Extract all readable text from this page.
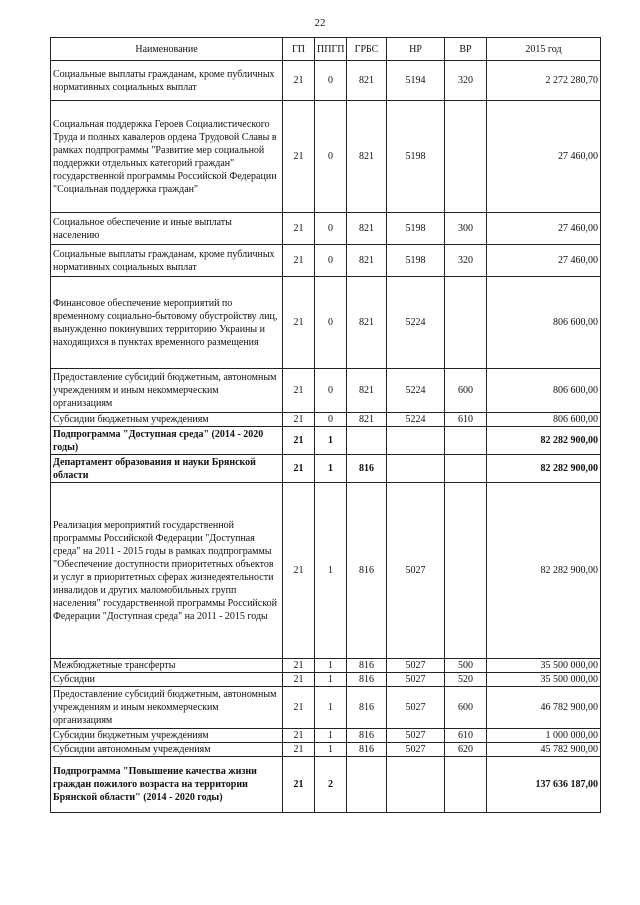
22
Наименование	ГП	ППГП	ГРБС	НР	ВР	2015 год
Социальные выплаты гражданам, кроме публичных нормативных социальных выплат	21	0	821	5194	320	2 272 280,70
Социальная поддержка Героев Социалистического Труда и полных кавалеров ордена Трудовой Славы в рамках подпрограммы "Развитие мер социальной поддержки отдельных категорий граждан" государственной программы Российской Федерации "Социальная поддержка граждан"	21	0	821	5198		27 460,00
Социальное обеспечение и иные выплаты населению	21	0	821	5198	300	27 460,00
Социальные выплаты гражданам, кроме публичных нормативных социальных выплат	21	0	821	5198	320	27 460,00
Финансовое обеспечение мероприятий по временному социально-бытовому обустройству лиц, вынужденно покинувших территорию Украины и находящихся в пунктах временного размещения	21	0	821	5224		806 600,00
Предоставление субсидий бюджетным, автономным учреждениям и иным некоммерческим организациям	21	0	821	5224	600	806 600,00
Субсидии бюджетным учреждениям	21	0	821	5224	610	806 600,00
Подпрограмма "Доступная среда" (2014 - 2020 годы)	21	1				82 282 900,00
Департамент образования и науки Брянской области	21	1	816			82 282 900,00
Реализация мероприятий государственной программы Российской Федерации "Доступная среда" на 2011 - 2015 годы в рамках подпрограммы "Обеспечение доступности приоритетных объектов и услуг в приоритетных сферах жизнедеятельности инвалидов и других маломобильных групп населения" государственной программы Российской Федерации "Доступная среда" на 2011 - 2015 годы	21	1	816	5027		82 282 900,00
Межбюджетные трансферты	21	1	816	5027	500	35 500 000,00
Субсидии	21	1	816	5027	520	35 500 000,00
Предоставление субсидий бюджетным, автономным учреждениям и иным некоммерческим организациям	21	1	816	5027	600	46 782 900,00
Субсидии бюджетным учреждениям	21	1	816	5027	610	1 000 000,00
Субсидии автономным учреждениям	21	1	816	5027	620	45 782 900,00
Подпрограмма "Повышение качества жизни граждан пожилого возраста на территории Брянской области" (2014 - 2020 годы)	21	2				137 636 187,00
